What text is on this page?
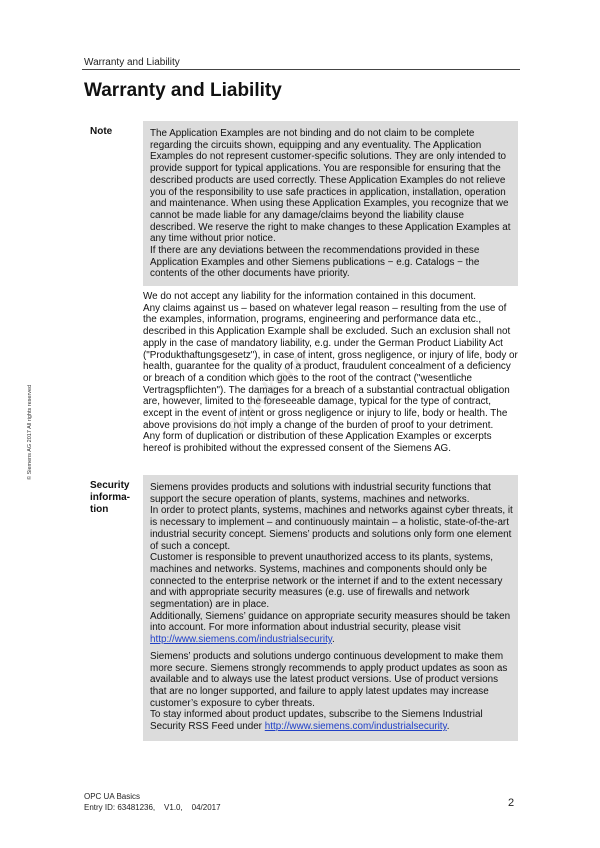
Warranty and Liability
Warranty and Liability
© Siemens AG 2017 All rights reserved
Note	The Application Examples are not binding and do not claim to be complete regarding the circuits shown, equipping and any eventuality. The Application Examples do not represent customer-specific solutions. They are only intended to provide support for typical applications. You are responsible for ensuring that the described products are used correctly. These Application Examples do not relieve you of the responsibility to use safe practices in application, installation, operation and maintenance. When using these Application Examples, you recognize that we cannot be made liable for any damage/claims beyond the liability clause described. We reserve the right to make changes to these Application Examples at any time without prior notice.

If there are any deviations between the recommendations provided in these Application Examples and other Siemens publications − e.g. Catalogs − the contents of the other documents have priority.

We do not accept any liability for the information contained in this document.

Any claims against us – based on whatever legal reason – resulting from the use of the examples, information, programs, engineering and performance data etc., described in this Application Example shall be excluded. Such an exclusion shall not apply in the case of mandatory liability, e.g. under the German Product Liability Act ("Produkthaftungsgesetz"), in case of intent, gross negligence, or injury of life, body or health, guarantee for the quality of a product, fraudulent concealment of a deficiency or breach of a condition which goes to the root of the contract ("wesentliche Vertragspflichten"). The damages for a breach of a substantial contractual obligation are, however, limited to the foreseeable damage, typical for the type of contract, except in the event of intent or gross negligence or injury to life, body or health. The above provisions do not imply a change of the burden of proof to your detriment.

Any form of duplication or distribution of these Application Examples or excerpts hereof is prohibited without the expressed consent of the Siemens AG.

gongkong
Security
informa-
tion

Siemens provides products and solutions with industrial security functions that support the secure operation of plants, systems, machines and networks.

In order to protect plants, systems, machines and networks against cyber threats, it is necessary to implement – and continuously maintain – a holistic, state-of-the-art industrial security concept. Siemens’ products and solutions only form one element of such a concept.

Customer is responsible to prevent unauthorized access to its plants, systems, machines and networks. Systems, machines and components should only be connected to the enterprise network or the internet if and to the extent necessary and with appropriate security measures (e.g. use of firewalls and network segmentation) are in place.

Additionally, Siemens’ guidance on appropriate security measures should be taken into account. For more information about industrial security, please visit http://www.siemens.com/industrialsecurity.

Siemens’ products and solutions undergo continuous development to make them more secure. Siemens strongly recommends to apply product updates as soon as available and to always use the latest product versions. Use of product versions that are no longer supported, and failure to apply latest updates may increase customer’s exposure to cyber threats.

To stay informed about product updates, subscribe to the Siemens Industrial Security RSS Feed under http://www.siemens.com/industrialsecurity.

OPC UA Basics
Entry ID: 63481236,    V1.0,    04/2017	2
